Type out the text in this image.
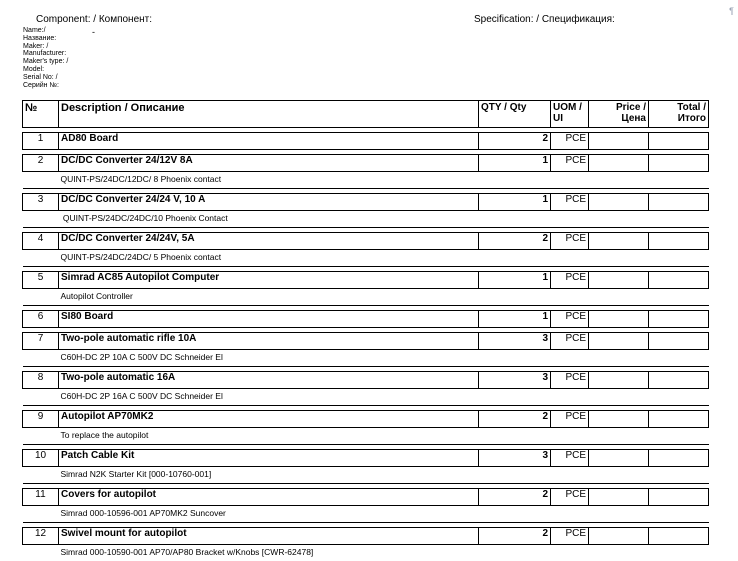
¶
Component: / Компонент:	Specification: / Спецификация:
-
Name:/
Название:
Maker: /
Manufacturer:
Maker's type: /
Model:
Serial No: /
Серийн №:
№	Description / Описание	QTY / Qty	UOM / UI	Price / Цена	Total / Итого

1	AD80 Board	2	PCE		

2	DC/DC Converter 24/12V 8A	1	PCE		
	QUINT-PS/24DC/12DC/ 8 Phoenix contact				

3	DC/DC Converter 24/24 V, 10 A	1	PCE		
	QUINT-PS/24DC/24DC/10 Phoenix Contact				

4	DC/DC Converter 24/24V, 5A	2	PCE		
	QUINT-PS/24DC/24DC/ 5 Phoenix contact				

5	Simrad AC85 Autopilot Computer	1	PCE		
	Autopilot Controller				

6	SI80 Board	1	PCE		

7	Two-pole automatic rifle 10A	3	PCE		
	C60H-DC 2P 10A C 500V DC Schneider El				

8	Two-pole automatic 16A	3	PCE		
	C60H-DC 2P 16A C 500V DC Schneider El				

9	Autopilot AP70MK2	2	PCE		
	To replace the autopilot				

10	Patch Cable Kit	3	PCE		
	Simrad N2K Starter Kit [000-10760-001]				

11	Covers for autopilot	2	PCE		
	Simrad 000-10596-001 AP70MK2 Suncover				

12	Swivel mount for autopilot	2	PCE		
	Simrad 000-10590-001 AP70/AP80 Bracket w/Knobs [CWR-62478]				
